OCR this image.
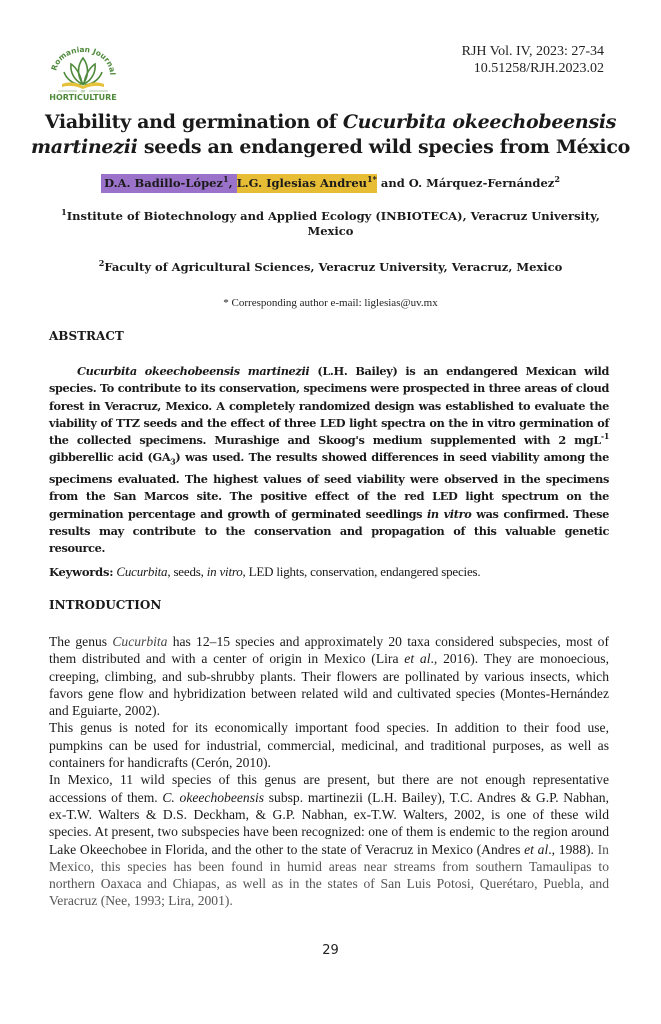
Romanian Journal
OF
HORTICULTURE
RJH Vol. IV, 2023: 27-34
10.51258/RJH.2023.02
Viability and germination of Cucurbita okeechobeensis
martinezii seeds an endangered wild species from México
D.A. Badillo-López$^1$, L.G. Iglesias Andreu$^{1*}$ and O. Márquez-Fernández$^2$
$^1$Institute of Biotechnology and Applied Ecology (INBIOTECA), Veracruz University, Mexico
$^2$Faculty of Agricultural Sciences, Veracruz University, Veracruz, Mexico
* Corresponding author e-mail: liglesias@uv.mx
ABSTRACT
Cucurbita okeechobeensis martinezii (L.H. Bailey) is an endangered Mexican wild species. To contribute to its conservation, specimens were prospected in three areas of cloud forest in Veracruz, Mexico. A completely randomized design was established to evaluate the viability of TTZ seeds and the effect of three LED light spectra on the in vitro germination of the collected specimens. Murashige and Skoog's medium supplemented with 2 mgL$^{-1}$ gibberellic acid $(GA_3)$ was used. The results showed differences in seed viability among the specimens evaluated. The highest values of seed viability were observed in the specimens from the San Marcos site. The positive effect of the red LED light spectrum on the germination percentage and growth of germinated seedlings in vitro was confirmed. These results may contribute to the conservation and propagation of this valuable genetic resource.
Keywords: Cucurbita, seeds, in vitro, LED lights, conservation, endangered species.
INTRODUCTION

The genus Cucurbita has 12–15 species and approximately 20 taxa considered subspecies, most of them distributed and with a center of origin in Mexico (Lira et al., 2016). They are monoecious, creeping, climbing, and sub-shrubby plants. Their flowers are pollinated by various insects, which favors gene flow and hybridization between related wild and cultivated species (Montes-Hernández and Eguiarte, 2002).

This genus is noted for its economically important food species. In addition to their food use, pumpkins can be used for industrial, commercial, medicinal, and traditional purposes, as well as containers for handicrafts (Cerón, 2010).

In Mexico, 11 wild species of this genus are present, but there are not enough representative accessions of them. C. okeechobeensis subsp. martinezii (L.H. Bailey), T.C. Andres & G.P. Nabhan, ex-T.W. Walters & D.S. Deckham, & G.P. Nabhan, ex-T.W. Walters, 2002, is one of these wild species. At present, two subspecies have been recognized: one of them is endemic to the region around Lake Okeechobee in Florida, and the other to the state of Veracruz in Mexico (Andres et al., 1988). In Mexico, this species has been found in humid areas near streams from southern Tamaulipas to northern Oaxaca and Chiapas, as well as in the states of San Luis Potosi, Querétaro, Puebla, and Veracruz (Nee, 1993; Lira, 2001).

29
